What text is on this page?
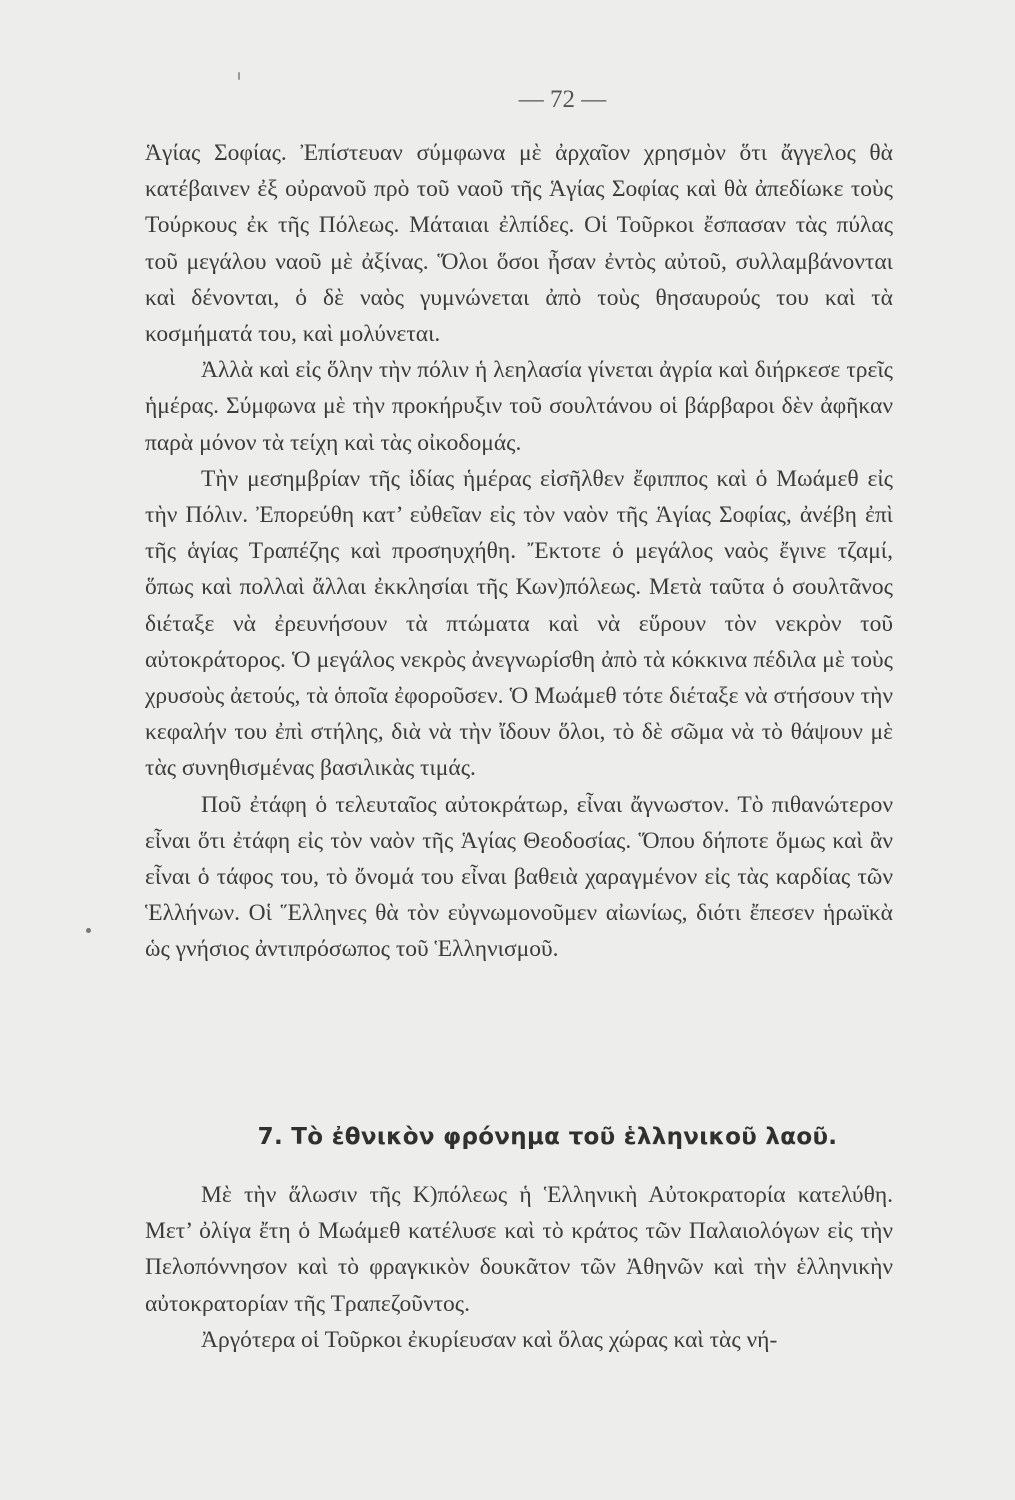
— 72 —

Ἁγίας Σοφίας. Ἐπίστευαν σύμφωνα μὲ ἀρχαῖον χρησμὸν ὅτι ἄγγελος θὰ κατέβαινεν ἐξ οὐρανοῦ πρὸ τοῦ ναοῦ τῆς Ἁγίας Σοφίας καὶ θὰ ἀπεδίωκε τοὺς Τούρκους ἐκ τῆς Πόλεως. Μάταιαι ἐλπίδες. Οἱ Τοῦρκοι ἔσπασαν τὰς πύλας τοῦ μεγάλου ναοῦ μὲ ἀξίνας. Ὅλοι ὅσοι ἦσαν ἐντὸς αὐτοῦ, συλλαμβάνονται καὶ δένονται, ὁ δὲ ναὸς γυμνώνεται ἀπὸ τοὺς θησαυρούς του καὶ τὰ κοσμήματά του, καὶ μολύνεται.

Ἀλλὰ καὶ εἰς ὅλην τὴν πόλιν ἡ λεηλασία γίνεται ἀγρία καὶ διήρκεσε τρεῖς ἡμέρας. Σύμφωνα μὲ τὴν προκήρυξιν τοῦ σουλτάνου οἱ βάρβαροι δὲν ἀφῆκαν παρὰ μόνον τὰ τείχη καὶ τὰς οἰκοδομάς.

Τὴν μεσημβρίαν τῆς ἰδίας ἡμέρας εἰσῆλθεν ἔφιππος καὶ ὁ Μωάμεθ εἰς τὴν Πόλιν. Ἐπορεύθη κατ’ εὐθεῖαν εἰς τὸν ναὸν τῆς Ἁγίας Σοφίας, ἀνέβη ἐπὶ τῆς ἁγίας Τραπέζης καὶ προσηυχήθη. Ἔκτοτε ὁ μεγάλος ναὸς ἔγινε τζαμί, ὅπως καὶ πολλαὶ ἄλλαι ἐκκλησίαι τῆς Κων)πόλεως. Μετὰ ταῦτα ὁ σουλτᾶνος διέταξε νὰ ἐρευνήσουν τὰ πτώματα καὶ νὰ εὕρουν τὸν νεκρὸν τοῦ αὐτοκράτορος. Ὁ μεγάλος νεκρὸς ἀνεγνωρίσθη ἀπὸ τὰ κόκκινα πέδιλα μὲ τοὺς χρυσοὺς ἀετούς, τὰ ὁποῖα ἐφοροῦσεν. Ὁ Μωάμεθ τότε διέταξε νὰ στήσουν τὴν κεφαλήν του ἐπὶ στήλης, διὰ νὰ τὴν ἴδουν ὅλοι, τὸ δὲ σῶμα νὰ τὸ θάψουν μὲ τὰς συνηθισμένας βασιλικὰς τιμάς.

Ποῦ ἐτάφη ὁ τελευταῖος αὐτοκράτωρ, εἶναι ἄγνωστον. Τὸ πιθανώτερον εἶναι ὅτι ἐτάφη εἰς τὸν ναὸν τῆς Ἁγίας Θεοδοσίας. Ὅπου δήποτε ὅμως καὶ ἂν εἶναι ὁ τάφος του, τὸ ὄνομά του εἶναι βαθειὰ χαραγμένον εἰς τὰς καρδίας τῶν Ἑλλήνων. Οἱ Ἕλληνες θὰ τὸν εὐγνωμονοῦμεν αἰωνίως, διότι ἔπεσεν ἡρωϊκὰ ὡς γνήσιος ἀντιπρόσωπος τοῦ Ἑλληνισμοῦ.

7. Τὸ ἐθνικὸν φρόνημα τοῦ ἑλληνικοῦ λαοῦ.

Μὲ τὴν ἅλωσιν τῆς Κ)πόλεως ἡ Ἑλληνικὴ Αὐτοκρατορία κατελύθη. Μετ’ ὀλίγα ἔτη ὁ Μωάμεθ κατέλυσε καὶ τὸ κράτος τῶν Παλαιολόγων εἰς τὴν Πελοπόννησον καὶ τὸ φραγκικὸν δουκᾶτον τῶν Ἀθηνῶν καὶ τὴν ἑλληνικὴν αὐτοκρατορίαν τῆς Τραπεζοῦντος.

Ἀργότερα οἱ Τοῦρκοι ἐκυρίευσαν καὶ ὅλας χώρας καὶ τὰς νή-
